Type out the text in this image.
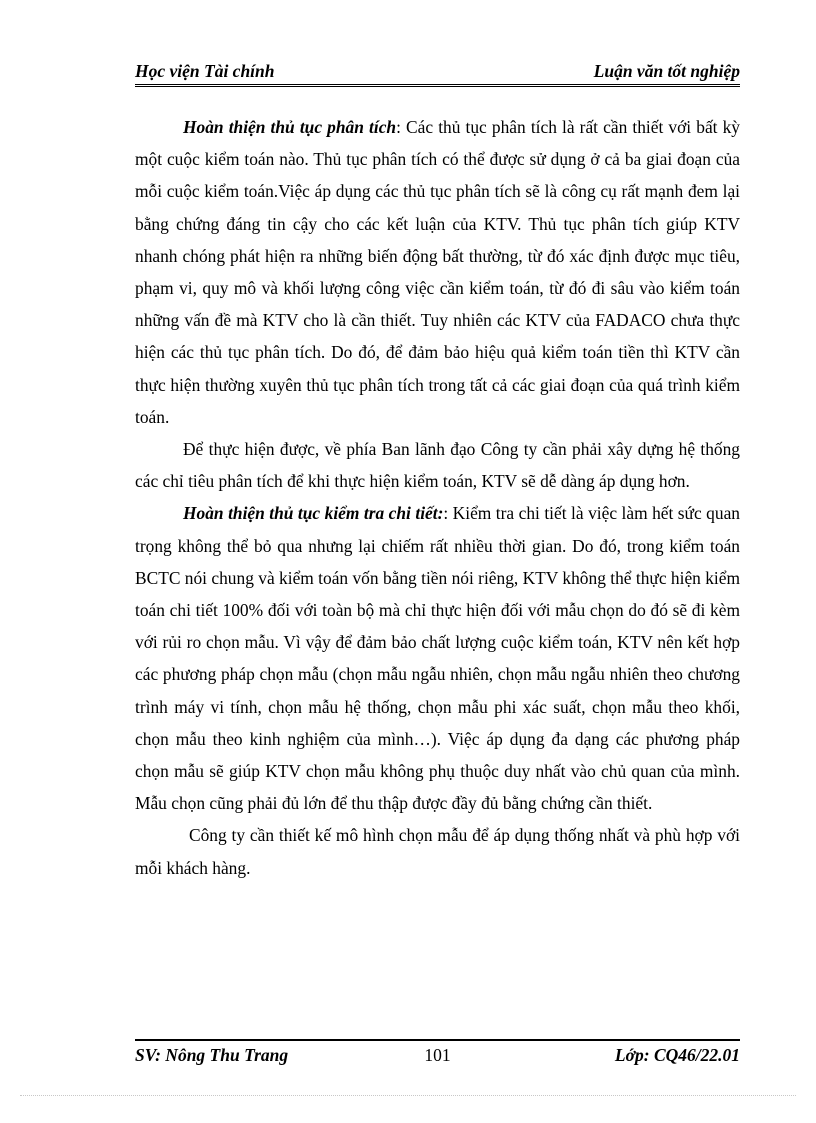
Học viện Tài chính	Luận văn tốt nghiệp

Hoàn thiện thủ tục phân tích: Các thủ tục phân tích là rất cần thiết với bất kỳ một cuộc kiểm toán nào. Thủ tục phân tích có thể được sử dụng ở cả ba giai đoạn của mỗi cuộc kiểm toán.Việc áp dụng các thủ tục phân tích sẽ là công cụ rất mạnh đem lại bằng chứng đáng tin cậy cho các kết luận của KTV. Thủ tục phân tích giúp KTV nhanh chóng phát hiện ra những biến động bất thường, từ đó xác định được mục tiêu, phạm vi, quy mô và khối lượng công việc cần kiểm toán, từ đó đi sâu vào kiểm toán những vấn đề mà KTV cho là cần thiết. Tuy nhiên các KTV của FADACO chưa thực hiện các thủ tục phân tích. Do đó, để đảm bảo hiệu quả kiểm toán tiền thì KTV cần thực hiện thường xuyên thủ tục phân tích trong tất cả các giai đoạn của quá trình kiểm toán.

Để thực hiện được, về phía Ban lãnh đạo Công ty cần phải xây dựng hệ thống các chỉ tiêu phân tích để khi thực hiện kiểm toán, KTV sẽ dễ dàng áp dụng hơn.

Hoàn thiện thủ tục kiểm tra chi tiết:: Kiểm tra chi tiết là việc làm hết sức quan trọng không thể bỏ qua nhưng lại chiếm rất nhiều thời gian. Do đó, trong kiểm toán BCTC nói chung và kiểm toán vốn bằng tiền nói riêng, KTV không thể thực hiện kiểm toán chi tiết 100% đối với toàn bộ mà chỉ thực hiện đối với mẫu chọn do đó sẽ đi kèm với rủi ro chọn mẫu. Vì vậy để đảm bảo chất lượng cuộc kiểm toán, KTV nên kết hợp các phương pháp chọn mẫu (chọn mẫu ngẫu nhiên, chọn mẫu ngẫu nhiên theo chương trình máy vi tính, chọn mẫu hệ thống, chọn mẫu phi xác suất, chọn mẫu theo khối, chọn mẫu theo kinh nghiệm của mình…). Việc áp dụng đa dạng các phương pháp chọn mẫu sẽ giúp KTV chọn mẫu không phụ thuộc duy nhất vào chủ quan của mình. Mẫu chọn cũng phải đủ lớn để thu thập được đầy đủ bằng chứng cần thiết.

Công ty cần thiết kế mô hình chọn mẫu để áp dụng thống nhất và phù hợp với mỗi khách hàng.

SV: Nông Thu Trang	101	Lớp: CQ46/22.01
